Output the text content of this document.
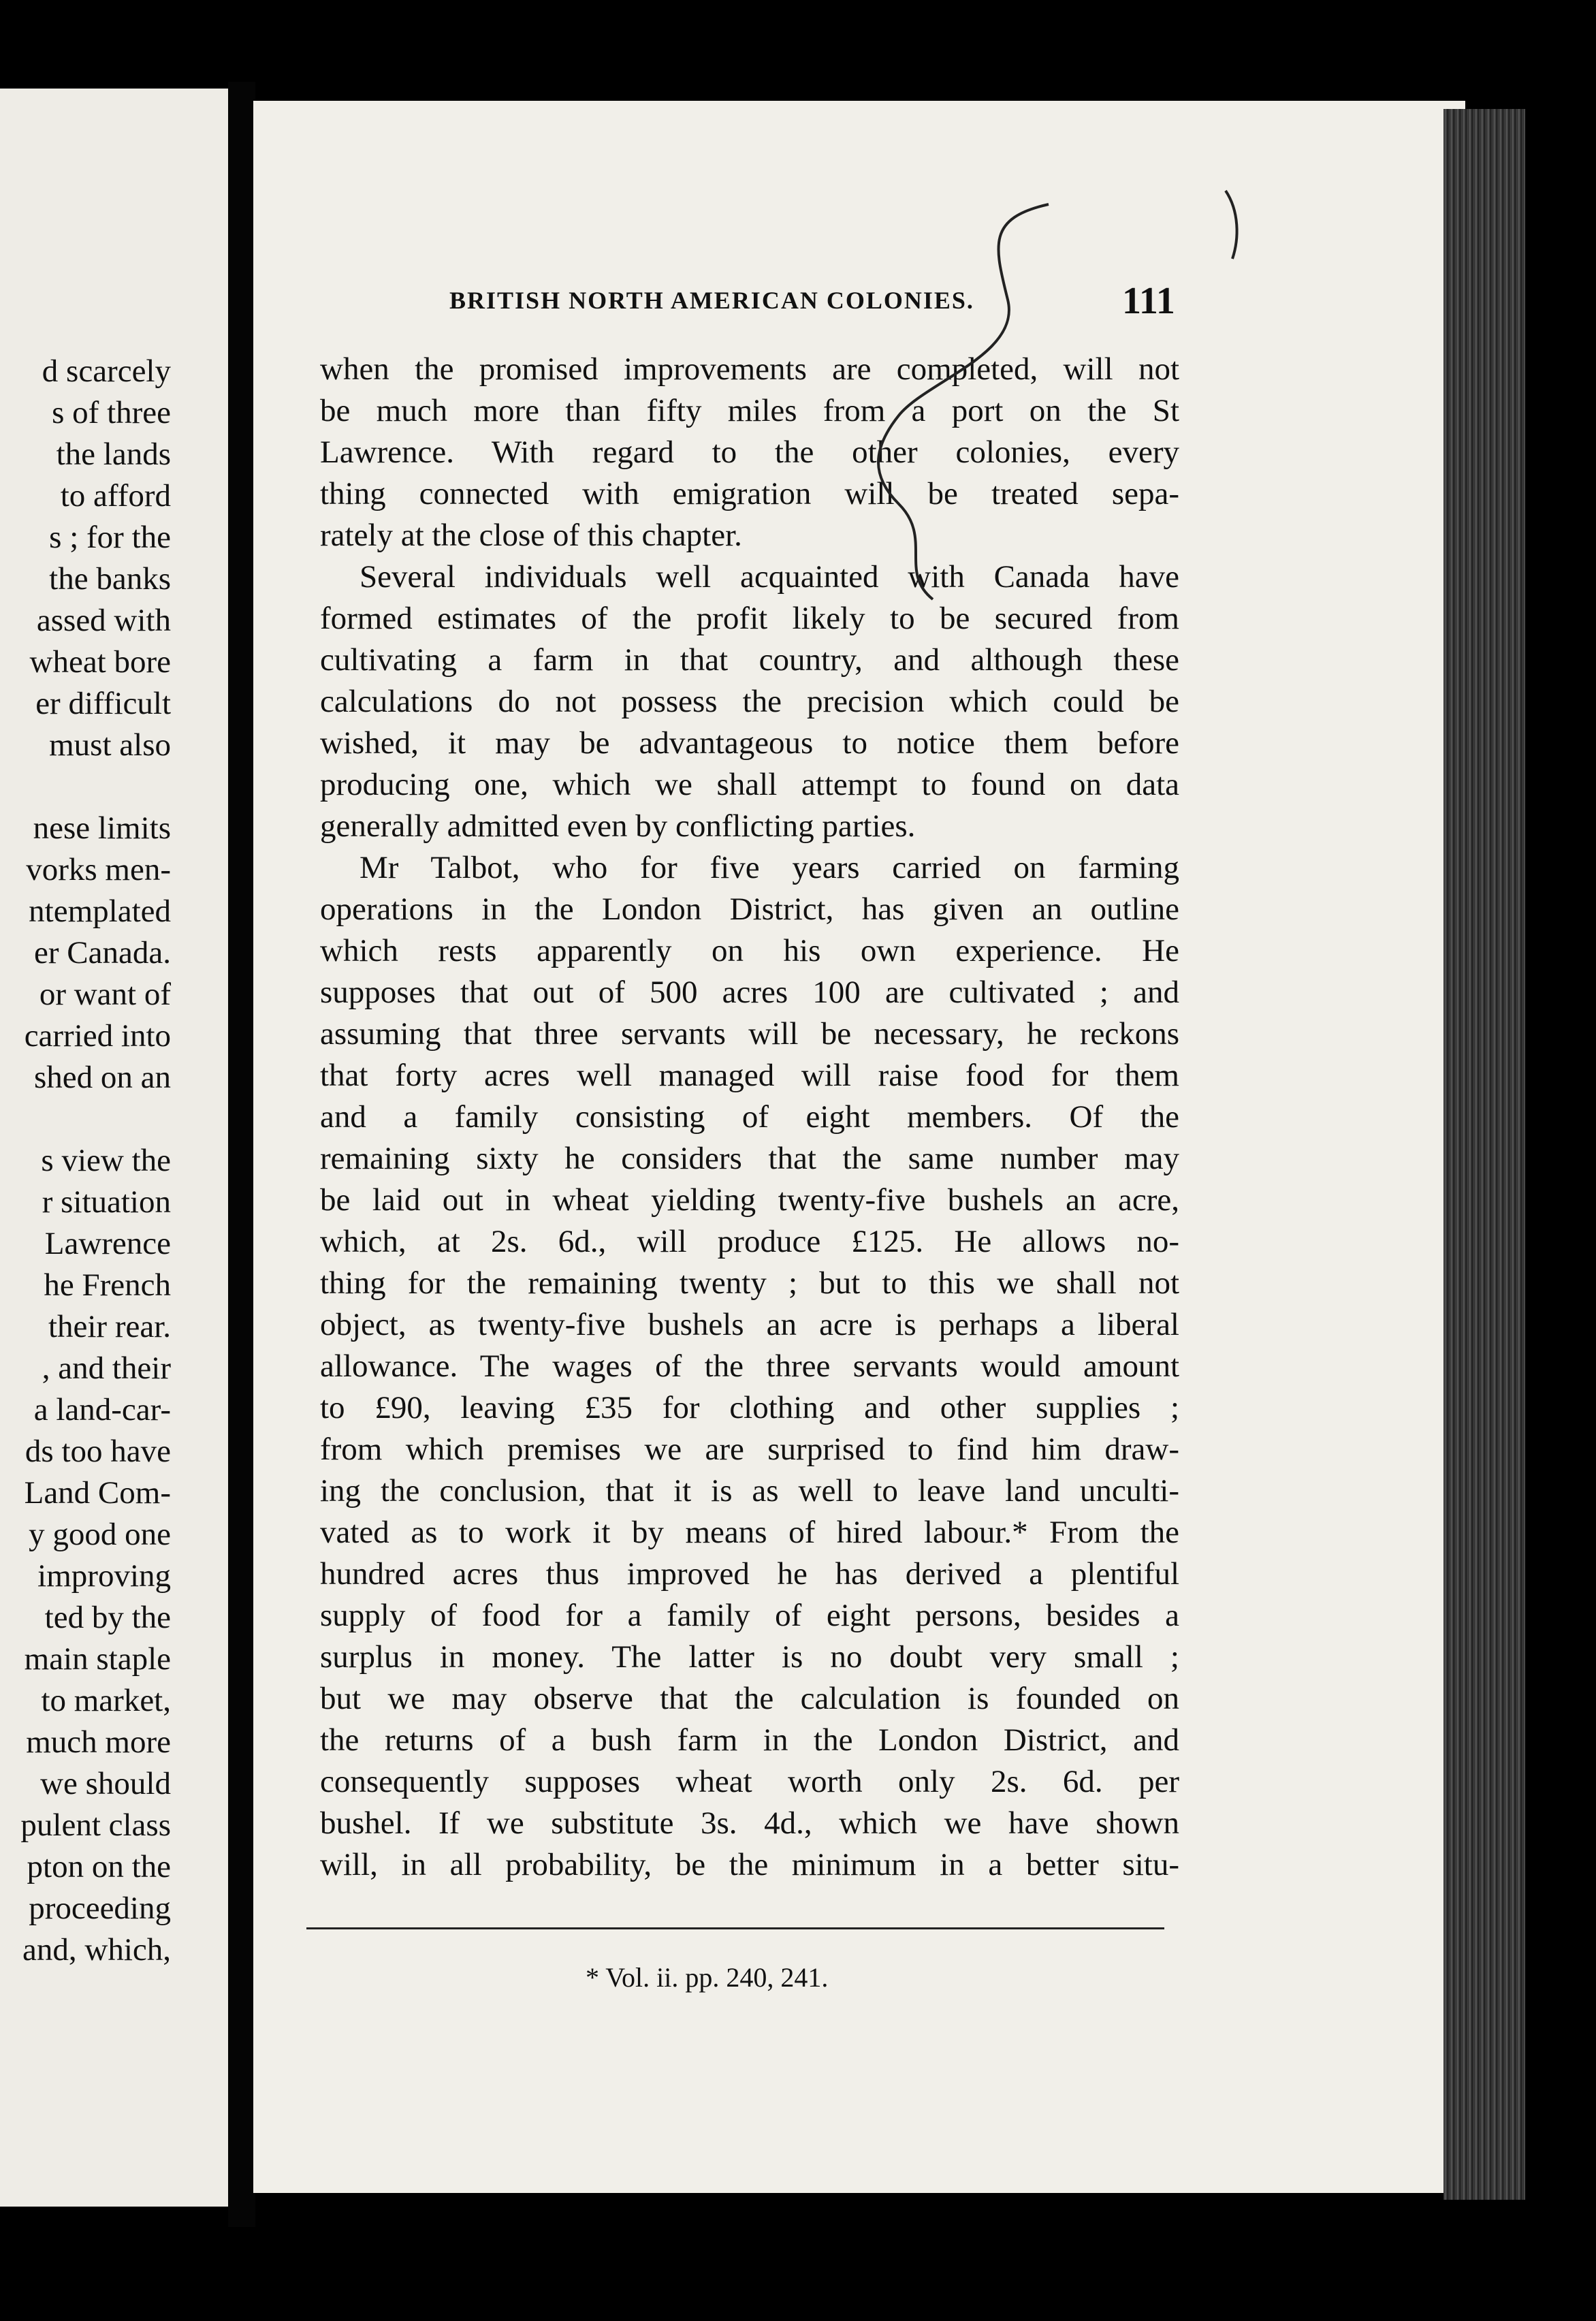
d scarcely
s of three
the lands
to afford
s ; for the
the banks
assed with
wheat bore
er difficult
must also
nese limits
vorks men-
ntemplated
er Canada.
or want of
carried into
shed on an
s view the
r situation
Lawrence
he French
their rear.
, and their
a land-car-
ds too have
Land Com-
y good one
improving
ted by the
main staple
to market,
much more
we should
pulent class
pton on the
proceeding
and, which,
BRITISH NORTH AMERICAN COLONIES.	111
when the promised improvements are completed, will not
be much more than fifty miles from a port on the St
Lawrence. With regard to the other colonies, every
thing connected with emigration will be treated sepa-
rately at the close of this chapter.
Several individuals well acquainted with Canada have
formed estimates of the profit likely to be secured from
cultivating a farm in that country, and although these
calculations do not possess the precision which could be
wished, it may be advantageous to notice them before
producing one, which we shall attempt to found on data
generally admitted even by conflicting parties.
Mr Talbot, who for five years carried on farming
operations in the London District, has given an outline
which rests apparently on his own experience. He
supposes that out of 500 acres 100 are cultivated ; and
assuming that three servants will be necessary, he reckons
that forty acres well managed will raise food for them
and a family consisting of eight members. Of the
remaining sixty he considers that the same number may
be laid out in wheat yielding twenty-five bushels an acre,
which, at 2s. 6d., will produce £125. He allows no-
thing for the remaining twenty ; but to this we shall not
object, as twenty-five bushels an acre is perhaps a liberal
allowance. The wages of the three servants would amount
to £90, leaving £35 for clothing and other supplies ;
from which premises we are surprised to find him draw-
ing the conclusion, that it is as well to leave land unculti-
vated as to work it by means of hired labour.* From the
hundred acres thus improved he has derived a plentiful
supply of food for a family of eight persons, besides a
surplus in money. The latter is no doubt very small ;
but we may observe that the calculation is founded on
the returns of a bush farm in the London District, and
consequently supposes wheat worth only 2s. 6d. per
bushel. If we substitute 3s. 4d., which we have shown
will, in all probability, be the minimum in a better situ-
* Vol. ii. pp. 240, 241.
